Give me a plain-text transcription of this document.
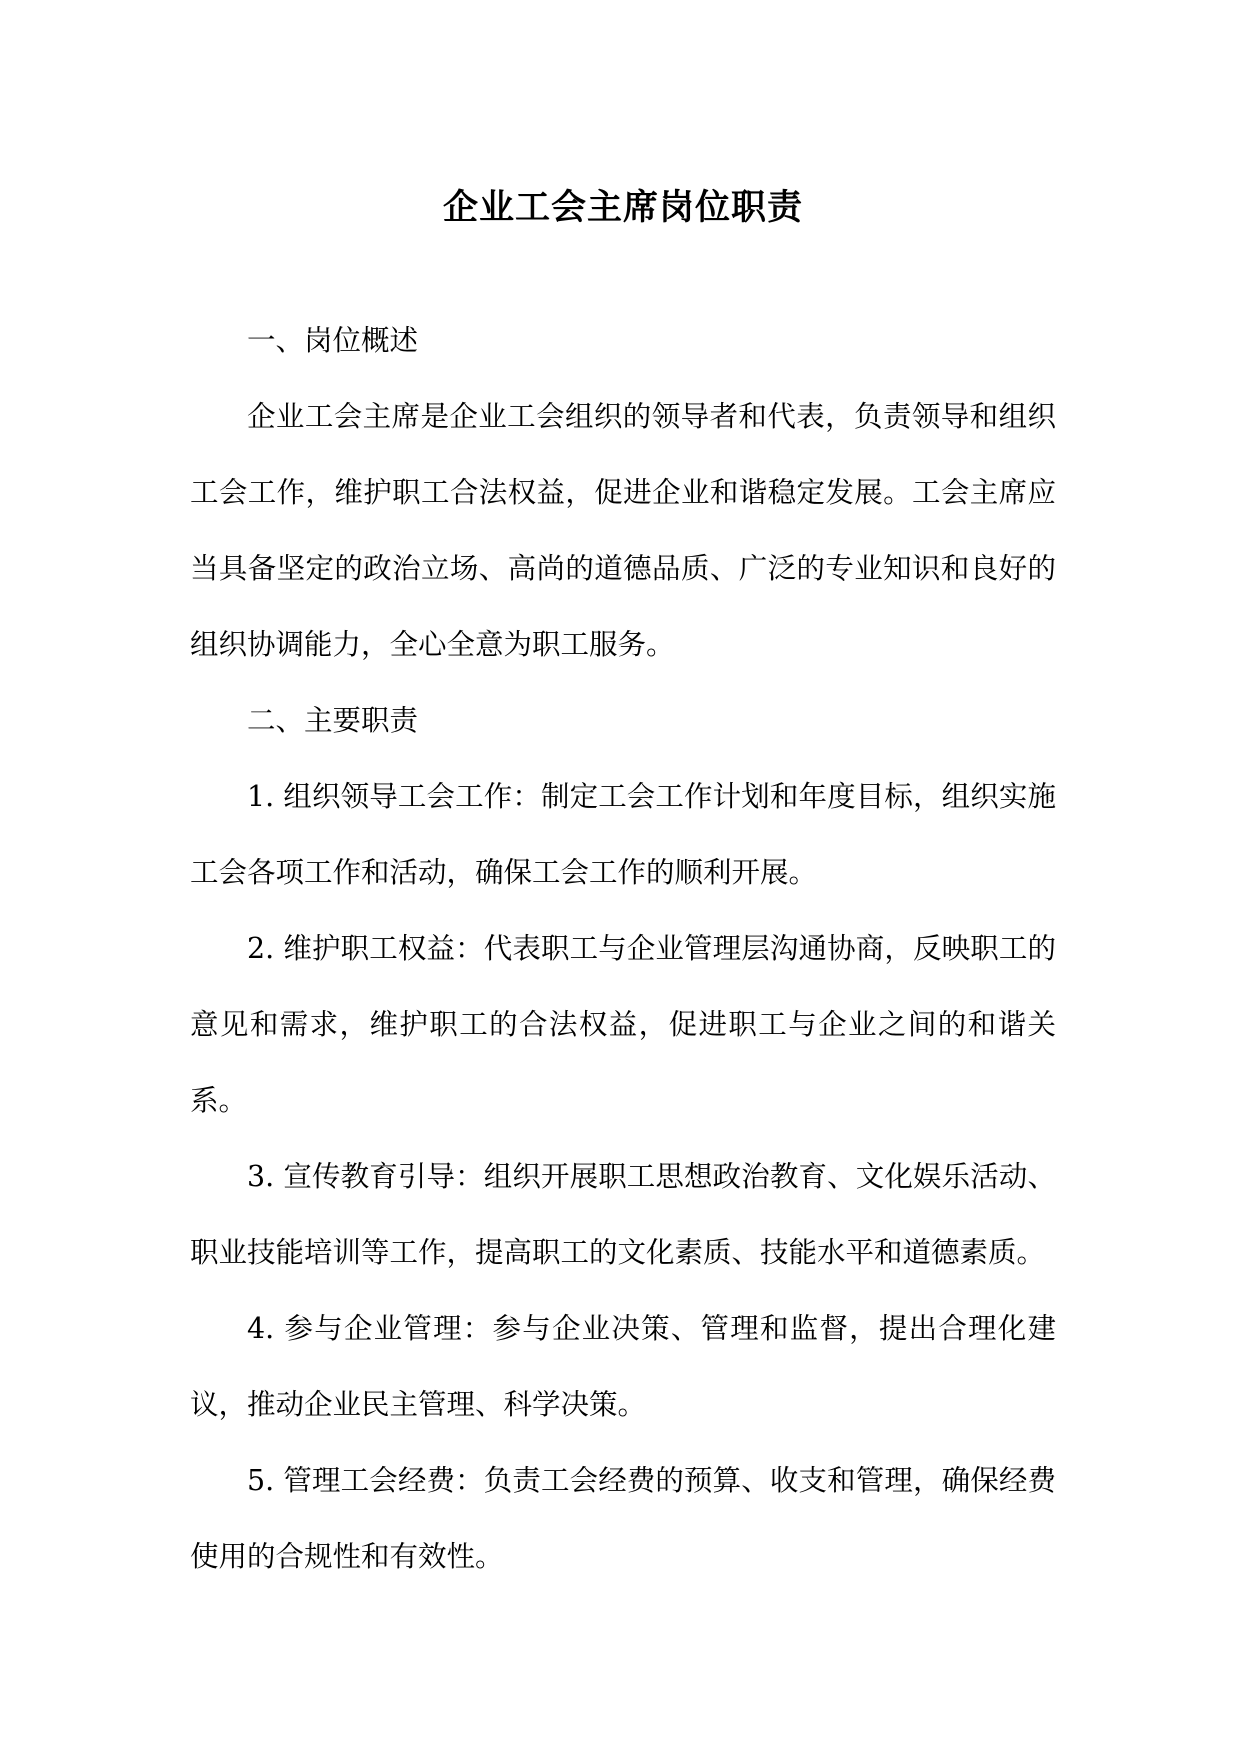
企业工会主席岗位职责

一、岗位概述

企业工会主席是企业工会组织的领导者和代表，负责领导和组织工会工作，维护职工合法权益，促进企业和谐稳定发展。工会主席应当具备坚定的政治立场、高尚的道德品质、广泛的专业知识和良好的组织协调能力，全心全意为职工服务。

二、主要职责

1. 组织领导工会工作：制定工会工作计划和年度目标，组织实施工会各项工作和活动，确保工会工作的顺利开展。

2. 维护职工权益：代表职工与企业管理层沟通协商，反映职工的意见和需求，维护职工的合法权益，促进职工与企业之间的和谐关系。

3. 宣传教育引导：组织开展职工思想政治教育、文化娱乐活动、职业技能培训等工作，提高职工的文化素质、技能水平和道德素质。

4. 参与企业管理：参与企业决策、管理和监督，提出合理化建议，推动企业民主管理、科学决策。

5. 管理工会经费：负责工会经费的预算、收支和管理，确保经费使用的合规性和有效性。
